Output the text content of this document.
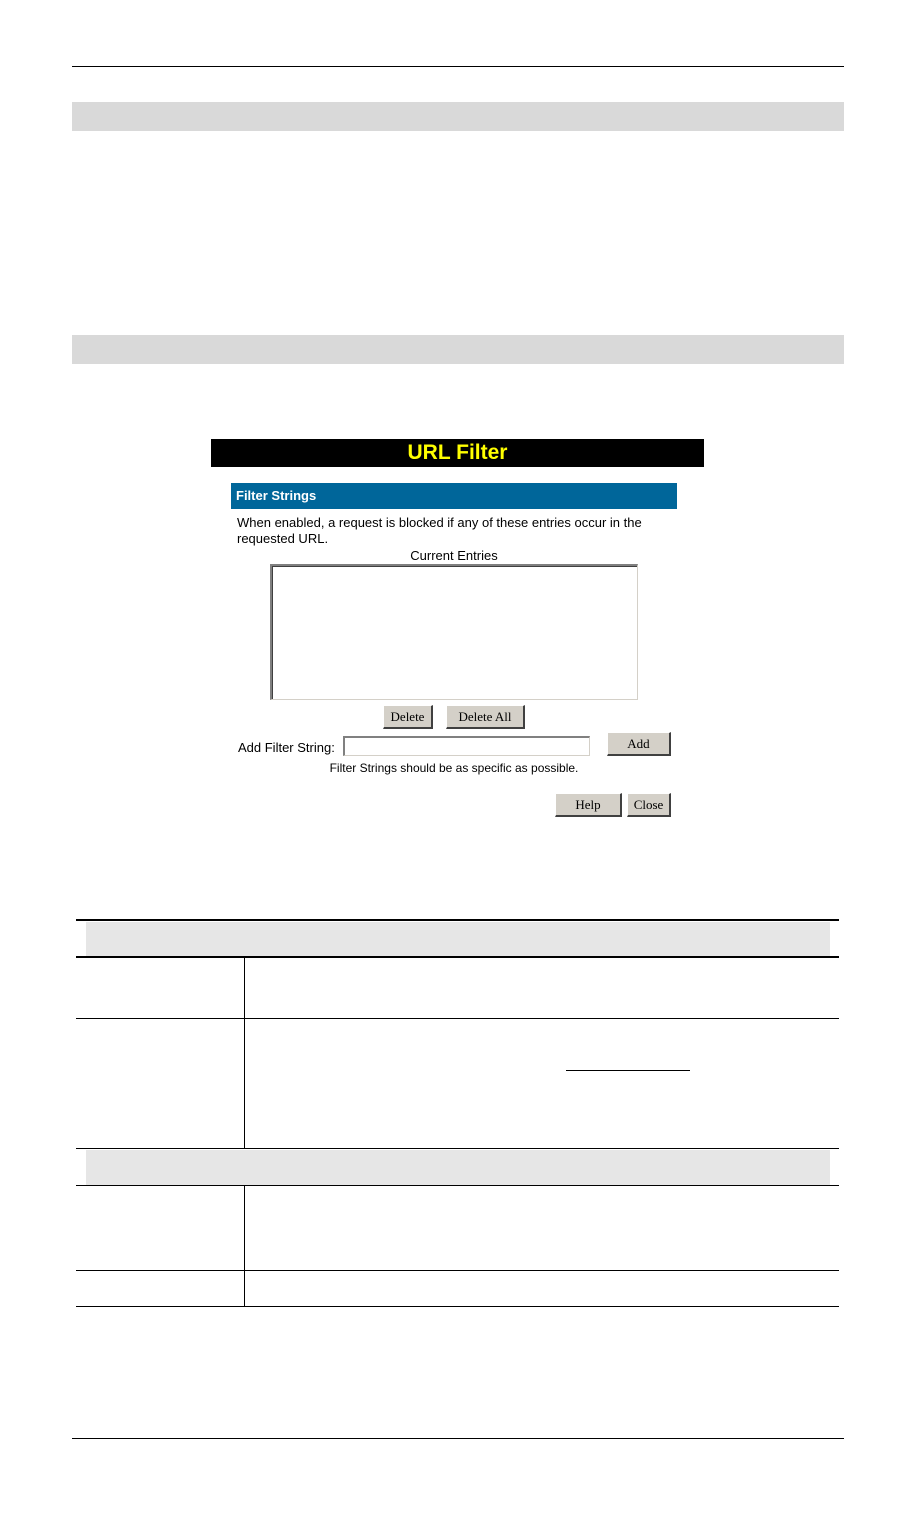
URL Filter
Filter Strings
When enabled, a request is blocked if any of these entries occur in the requested URL.
Current Entries
Delete	Delete All
Add Filter String:	Add
Filter Strings should be as specific as possible.
Help	Close
